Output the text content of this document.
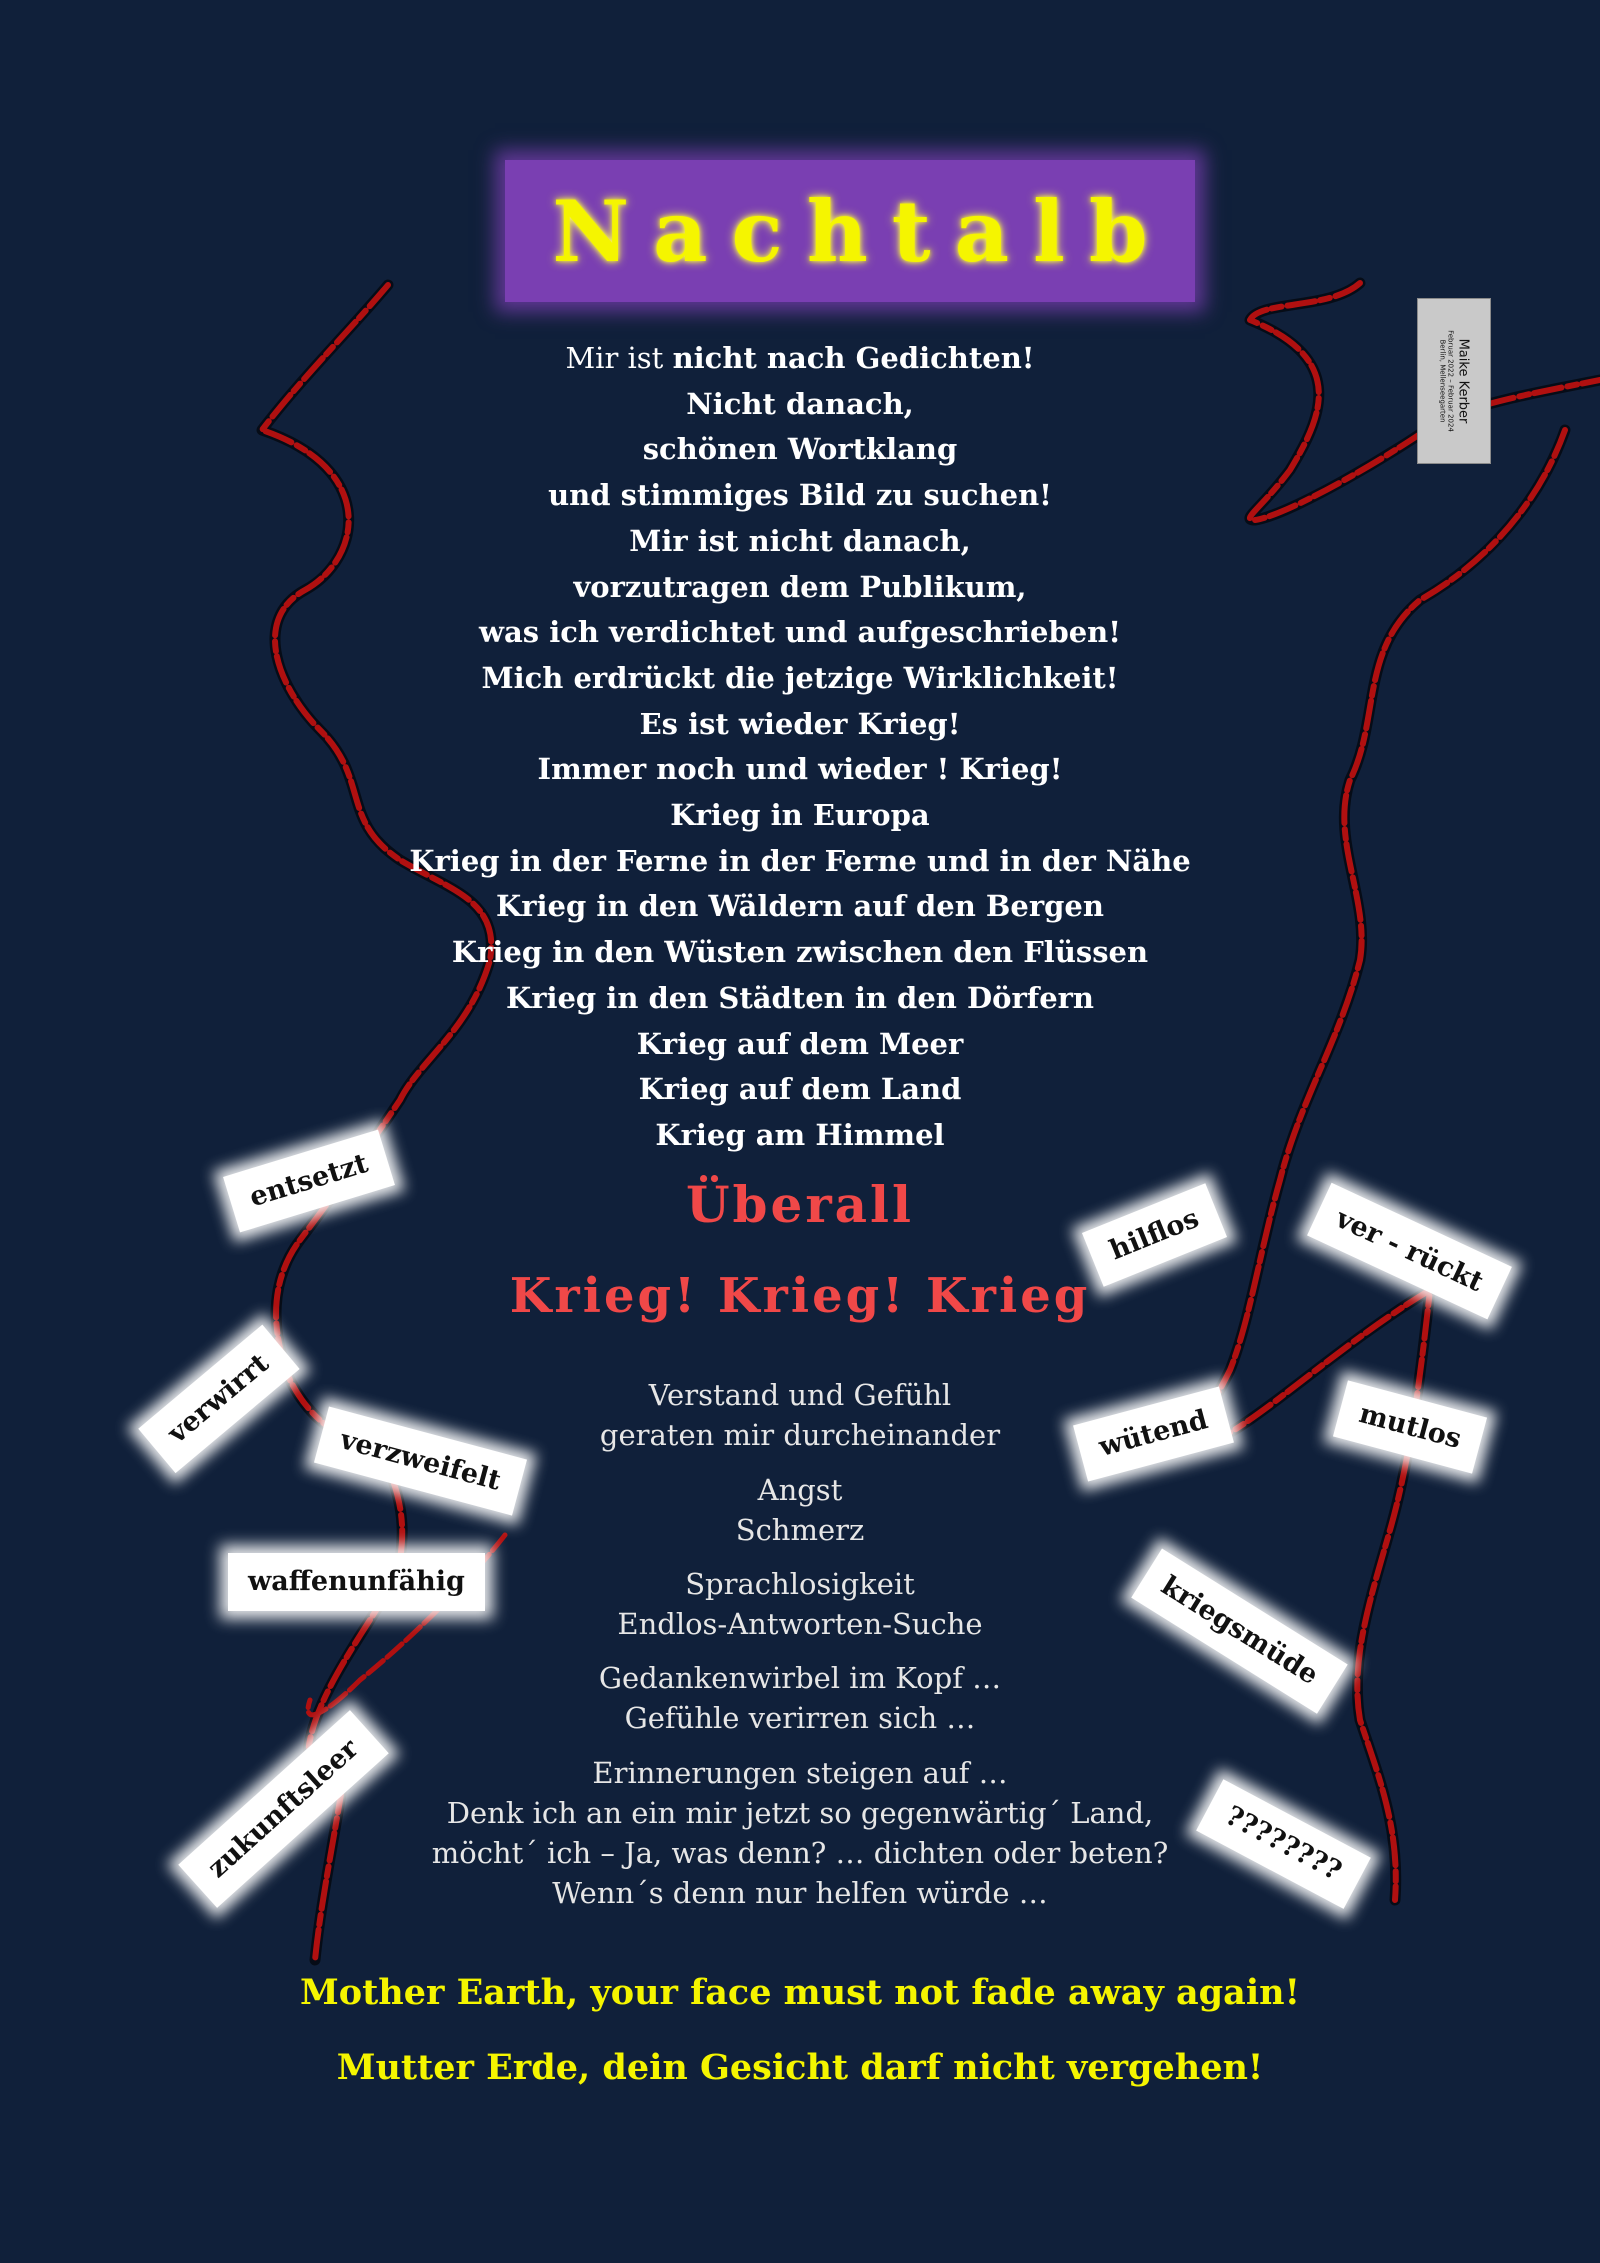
Nachtalb
Maike Kerber
Februar 2022 – Februar 2024
Berlin, Mellenseegarten
Mir ist nicht nach Gedichten!
Nicht danach,
schönen Wortklang
und stimmiges Bild zu suchen!
Mir ist nicht danach,
vorzutragen dem Publikum,
was ich verdichtet und aufgeschrieben!
Mich erdrückt die jetzige Wirklichkeit!
Es ist wieder Krieg!
Immer noch und wieder ! Krieg!
Krieg in Europa
Krieg in der Ferne in der Ferne und in der Nähe
Krieg in den Wäldern auf den Bergen
Krieg in den Wüsten zwischen den Flüssen
Krieg in den Städten in den Dörfern
Krieg auf dem Meer
Krieg auf dem Land
Krieg am Himmel
Überall
Krieg! Krieg! Krieg
Verstand und Gefühl
geraten mir durcheinander
Angst
Schmerz
Sprachlosigkeit
Endlos-Antworten-Suche
Gedankenwirbel im Kopf …
Gefühle verirren sich …
Erinnerungen steigen auf …
Denk ich an ein mir jetzt so gegenwärtig´ Land,
möcht´ ich – Ja, was denn? … dichten oder beten?
Wenn´s denn nur helfen würde …
Mother Earth, your face must not fade away again!
Mutter Erde, dein Gesicht darf nicht vergehen!
entsetzt
verwirrt
verzweifelt
waffenunfähig
zukunftsleer
hilflos	ver - rückt
wütend	mutlos
kriegsmüde
????????
